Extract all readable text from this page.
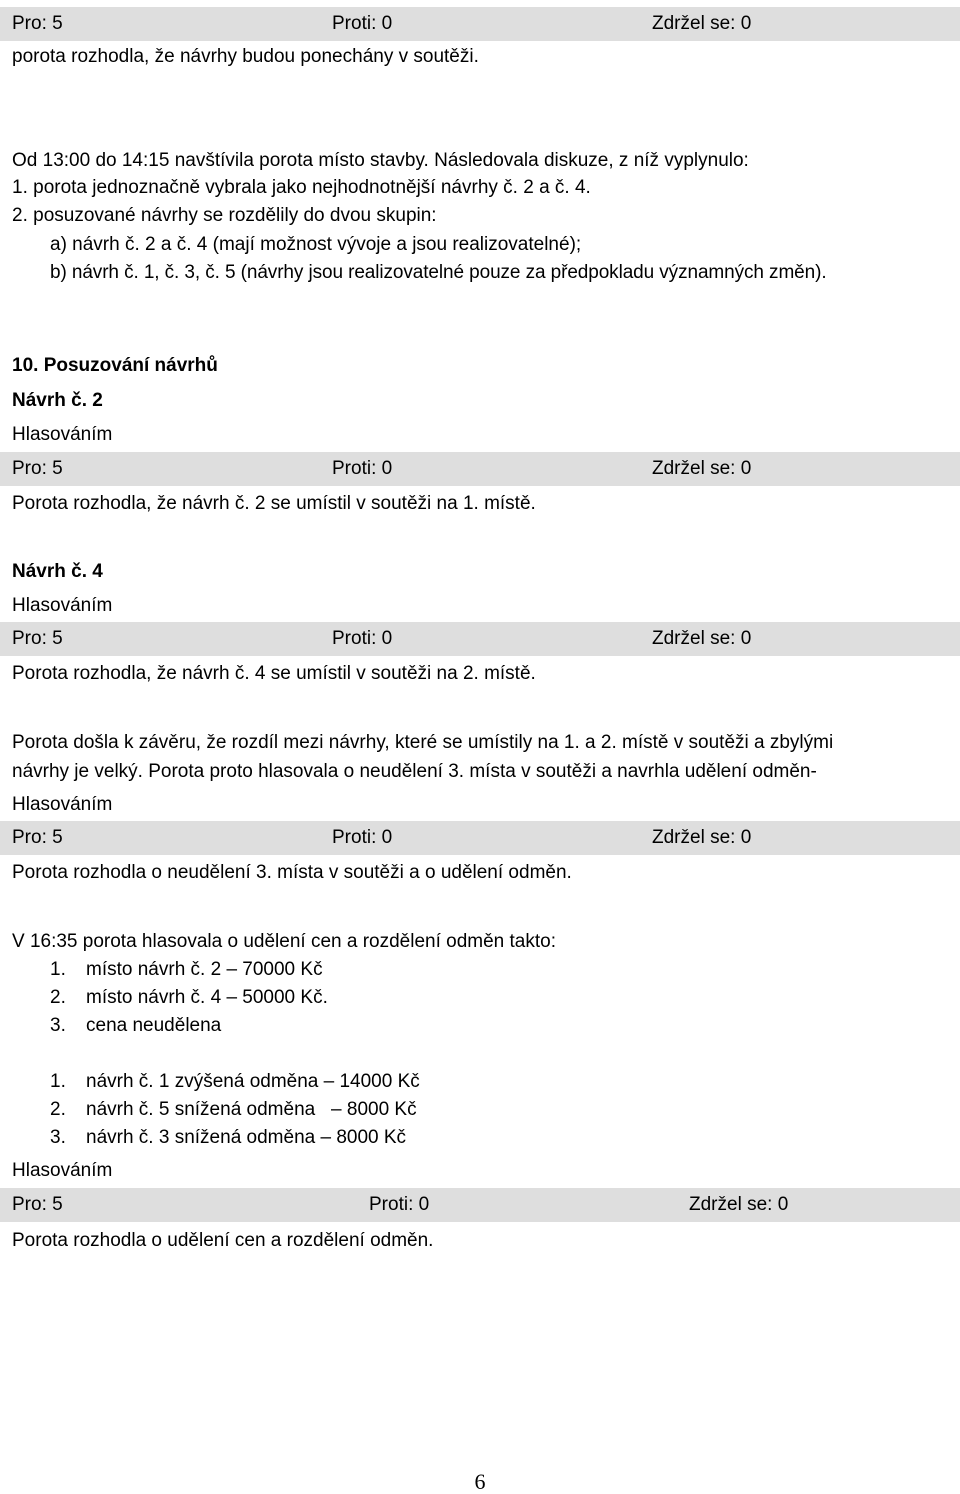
Pro: 5	Proti: 0	Zdržel se: 0
porota rozhodla, že návrhy budou ponechány v soutěži.
Od 13:00 do 14:15 navštívila porota místo stavby. Následovala diskuze, z níž vyplynulo:
1. porota jednoznačně vybrala jako nejhodnotnější návrhy č. 2 a č. 4.
2. posuzované návrhy se rozdělily do dvou skupin:
a) návrh č. 2 a č. 4 (mají možnost vývoje a jsou realizovatelné);
b) návrh č. 1, č. 3, č. 5 (návrhy jsou realizovatelné pouze za předpokladu významných změn).
10. Posuzování návrhů
Návrh č. 2
Hlasováním
Pro: 5	Proti: 0	Zdržel se: 0
Porota rozhodla, že návrh č. 2 se umístil v soutěži na 1. místě.
Návrh č. 4
Hlasováním
Pro: 5	Proti: 0	Zdržel se: 0
Porota rozhodla, že návrh č. 4 se umístil v soutěži na 2. místě.
Porota došla k závěru, že rozdíl mezi návrhy, které se umístily na 1. a 2. místě v soutěži a zbylými
návrhy je velký. Porota proto hlasovala o neudělení 3. místa v soutěži a navrhla udělení odměn-
Hlasováním
Pro: 5	Proti: 0	Zdržel se: 0
Porota rozhodla o neudělení 3. místa v soutěži a o udělení odměn.
V 16:35 porota hlasovala o udělení cen a rozdělení odměn takto:
1. místo návrh č. 2 – 70000 Kč
2. místo návrh č. 4 – 50000 Kč.
3. cena neudělena
1. návrh č. 1 zvýšená odměna – 14000 Kč
2. návrh č. 5 snížená odměna   – 8000 Kč
3. návrh č. 3 snížená odměna – 8000 Kč
Hlasováním
Pro: 5	Proti: 0	Zdržel se: 0
Porota rozhodla o udělení cen a rozdělení odměn.
6
